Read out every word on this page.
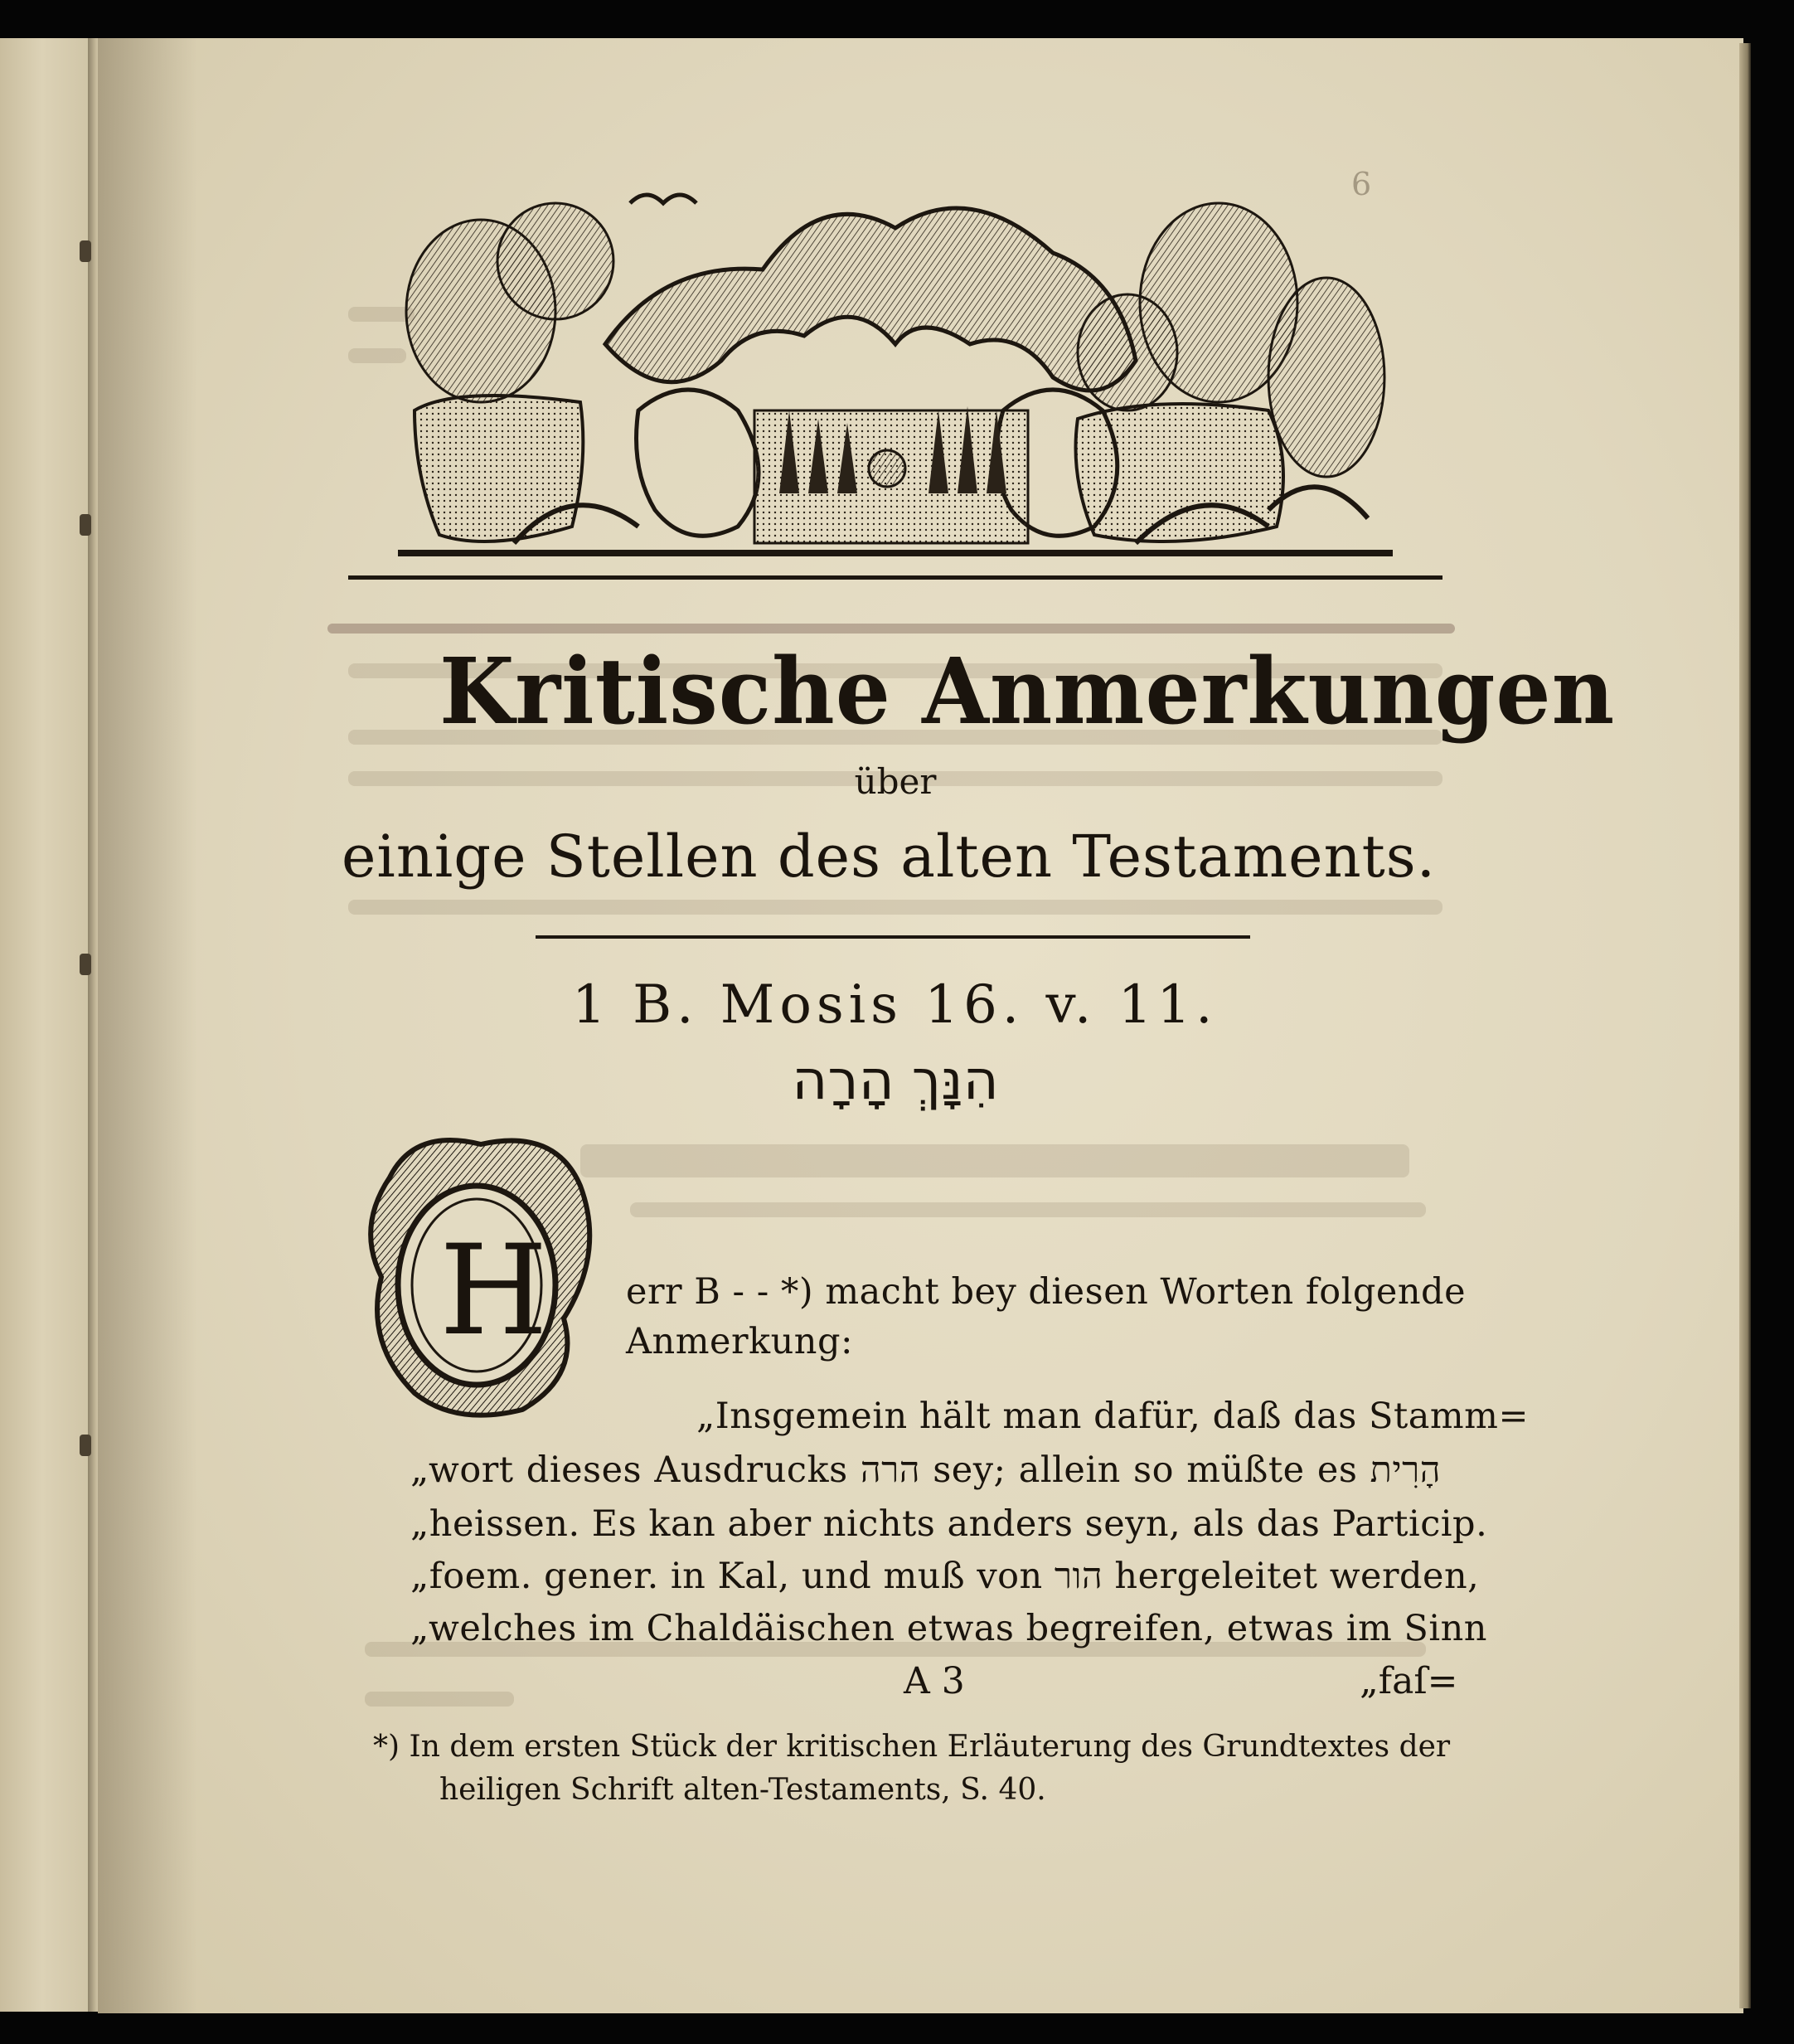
6
Kritische Anmerkungen
über
einige Stellen des alten Testaments.
1 B. Mosis 16. v. 11.
הִנָּךְ הָרָה
H err B - - *) macht bey diesen Worten folgende
Anmerkung:
„Insgemein hält man dafür, daß das Stamm=
„wort dieses Ausdrucks הרה sey; allein so müßte es הָרִית
„heissen. Es kan aber nichts anders seyn, als das Particip.
„foem. gener. in Kal, und muß von הור hergeleitet werden,
„welches im Chaldäischen etwas begreifen, etwas im Sinn
A 3	„faſ=
*) In dem ersten Stück der kritischen Erläuterung des Grundtextes der
heiligen Schrift alten-Testaments, S. 40.
